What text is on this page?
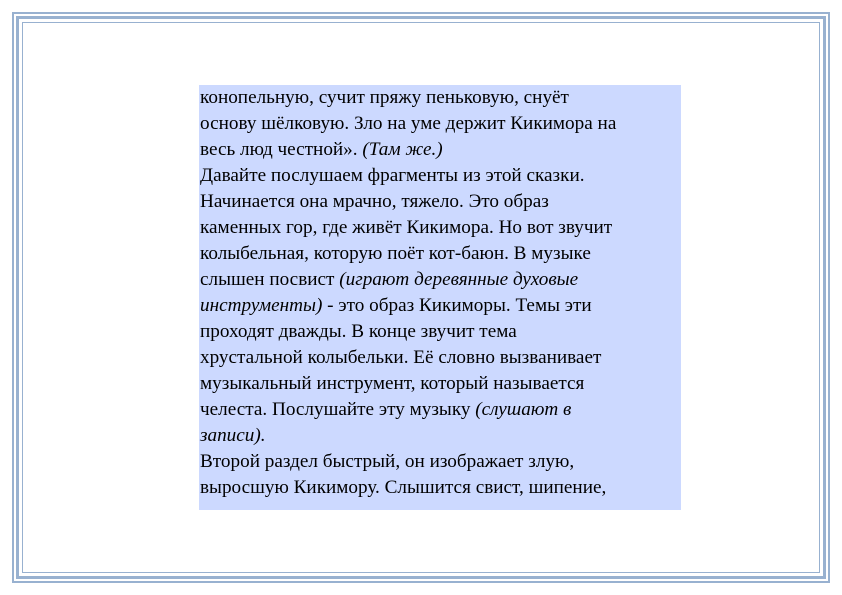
конопельную, сучит пряжу пеньковую, снуёт
основу шёлковую. Зло на уме держит Кикимора на
весь люд честной». (Там же.)
Давайте послушаем фрагменты из этой сказки.
Начинается она мрачно, тяжело. Это образ
каменных гор, где живёт Кикимора. Но вот звучит
колыбельная, которую поёт кот-баюн. В музыке
слышен посвист (играют деревянные духовые
инструменты) - это образ Кикиморы. Темы эти
проходят дважды. В конце звучит тема
хрустальной колыбельки. Её словно вызванивает
музыкальный инструмент, который называется
челеста. Послушайте эту музыку (слушают в
записи).
Второй раздел быстрый, он изображает злую,
выросшую Кикимору. Слышится свист, шипение,
